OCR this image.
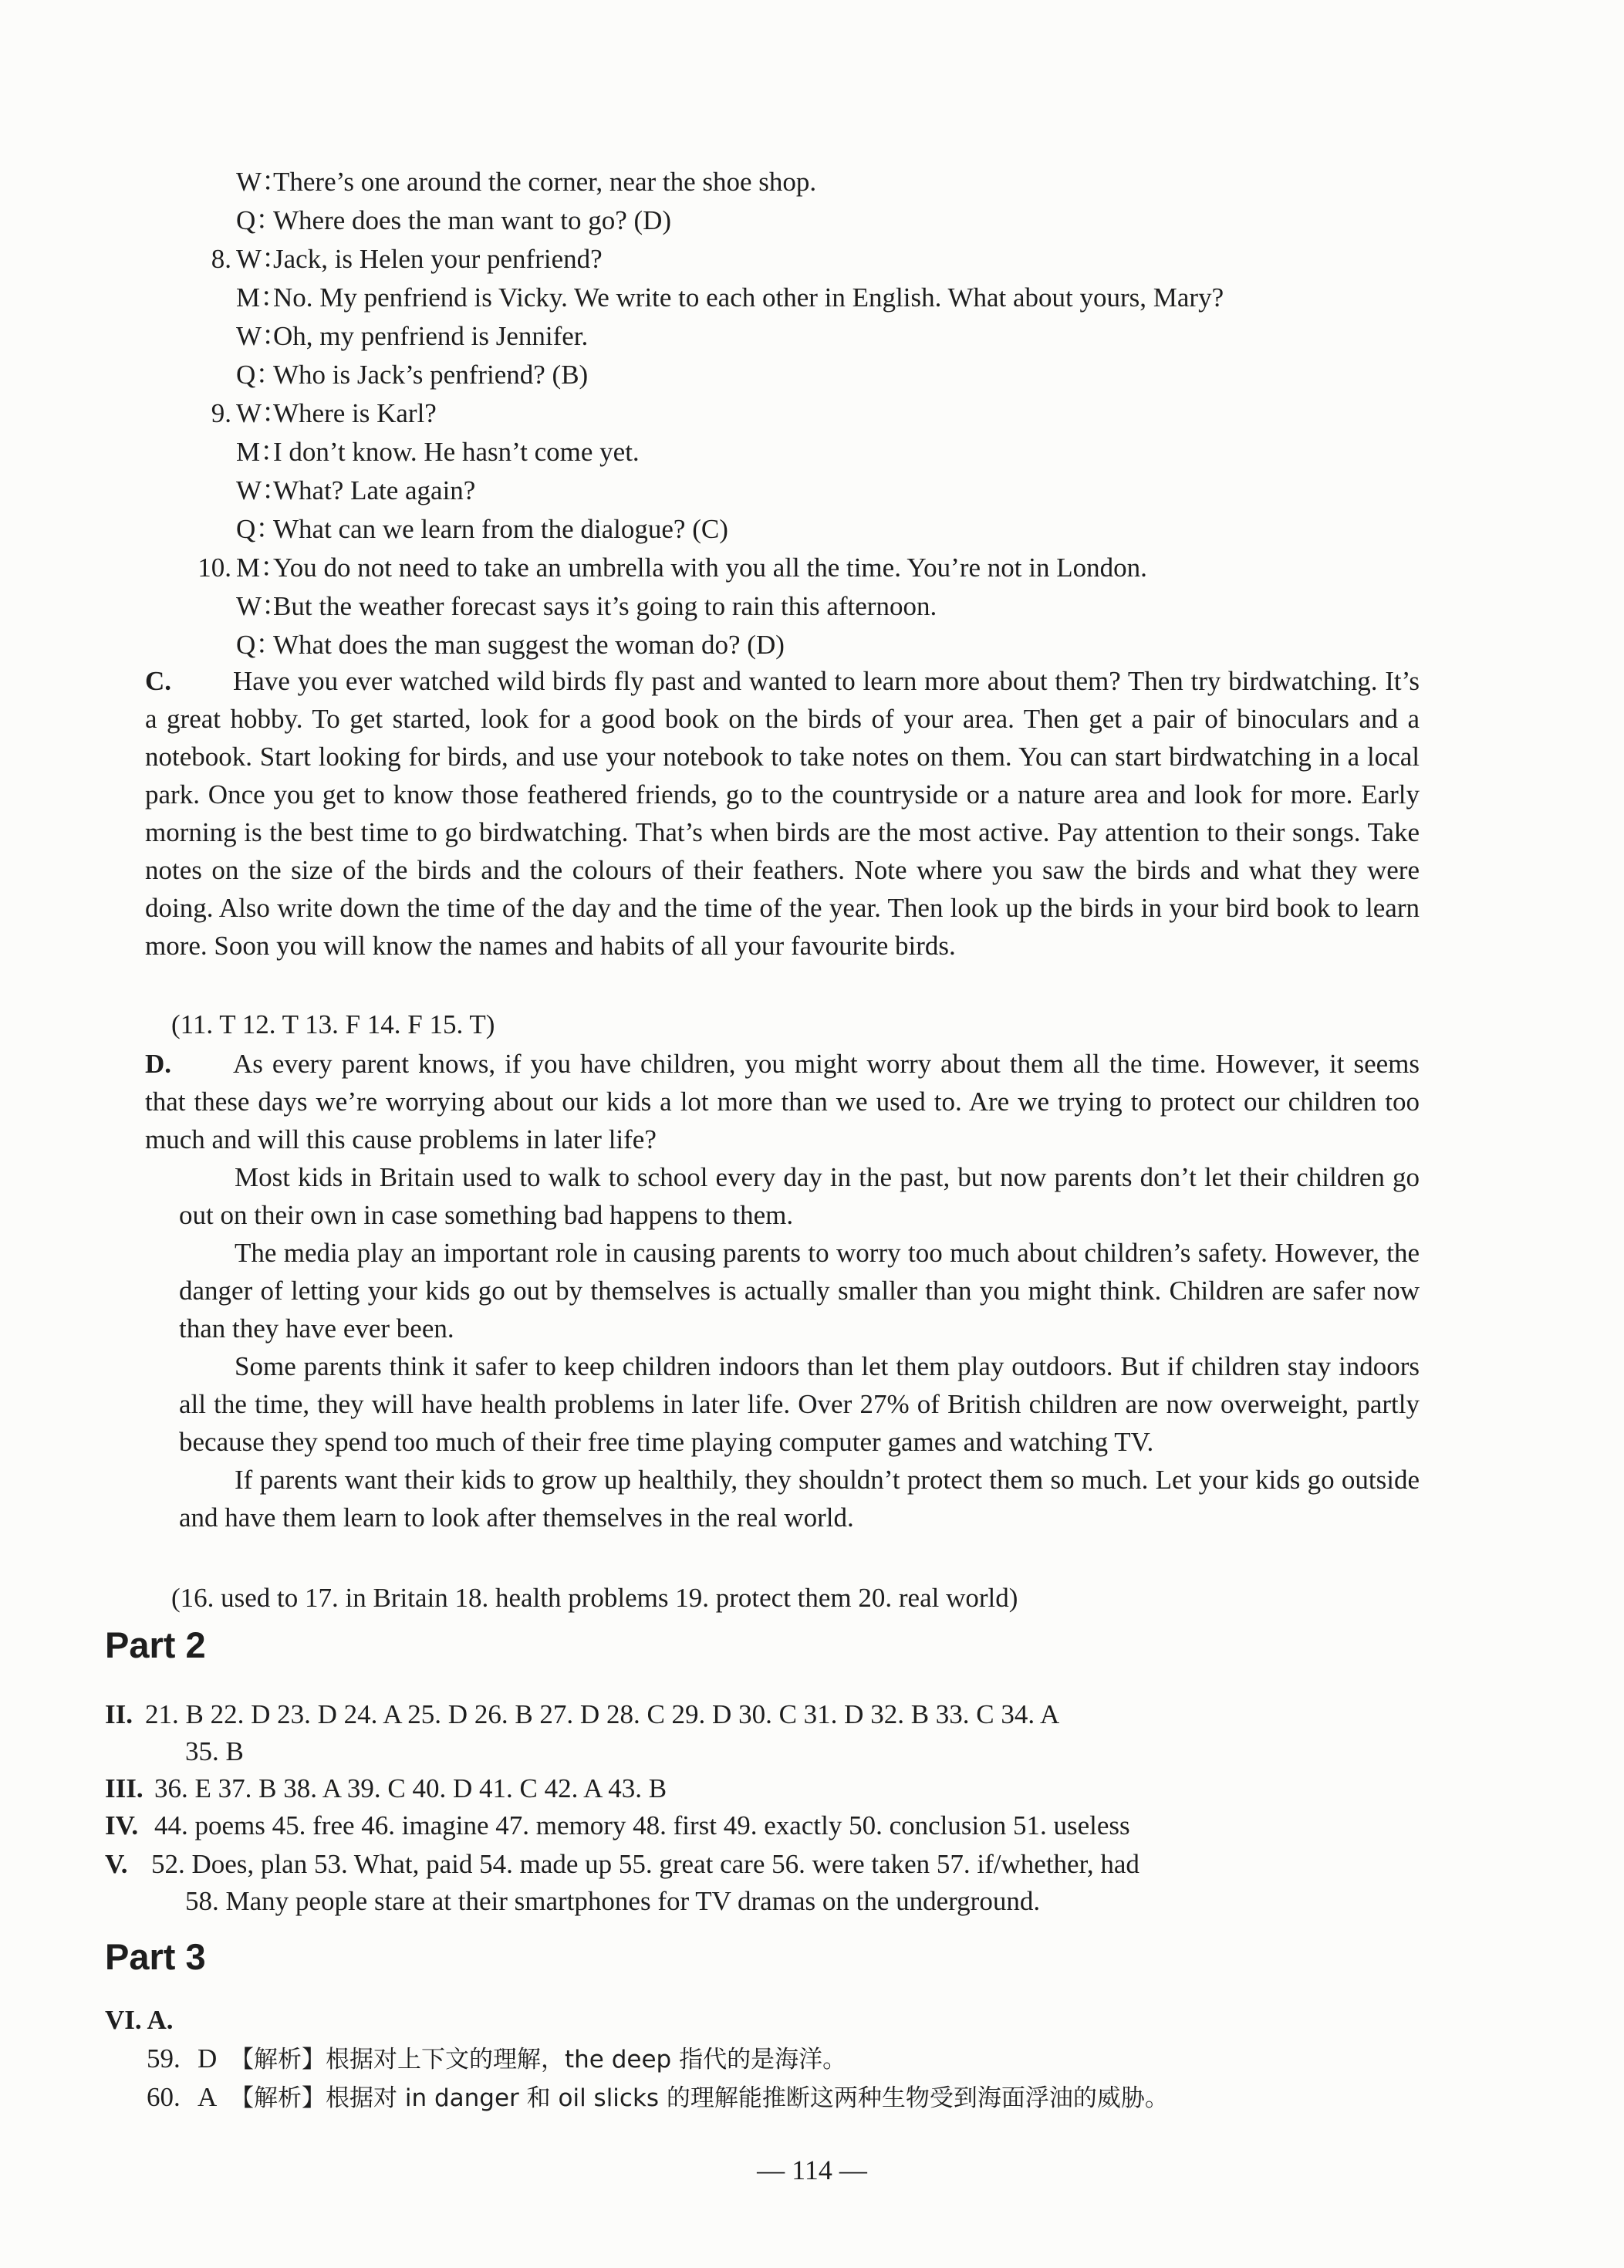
W：There’s one around the corner, near the shoe shop.
Q：Where does the man want to go? (D)
8. W：Jack, is Helen your penfriend?
M：No. My penfriend is Vicky. We write to each other in English. What about yours, Mary?
W：Oh, my penfriend is Jennifer.
Q：Who is Jack’s penfriend? (B)
9. W：Where is Karl?
M：I don’t know. He hasn’t come yet.
W：What? Late again?
Q：What can we learn from the dialogue? (C)
10. M：You do not need to take an umbrella with you all the time. You’re not in London.
W：But the weather forecast says it’s going to rain this afternoon.
Q：What does the man suggest the woman do? (D)
C. Have you ever watched wild birds fly past and wanted to learn more about them? Then try birdwatching. It’s a great hobby. To get started, look for a good book on the birds of your area. Then get a pair of binoculars and a notebook. Start looking for birds, and use your notebook to take notes on them. You can start birdwatching in a local park. Once you get to know those feathered friends, go to the countryside or a nature area and look for more. Early morning is the best time to go birdwatching. That’s when birds are the most active. Pay attention to their songs. Take notes on the size of the birds and the colours of their feathers. Note where you saw the birds and what they were doing. Also write down the time of the day and the time of the year. Then look up the birds in your bird book to learn more. Soon you will know the names and habits of all your favourite birds.
(11. T 12. T 13. F 14. F 15. T)
D. As every parent knows, if you have children, you might worry about them all the time. However, it seems that these days we’re worrying about our kids a lot more than we used to. Are we trying to protect our children too much and will this cause problems in later life?
Most kids in Britain used to walk to school every day in the past, but now parents don’t let their children go out on their own in case something bad happens to them.
The media play an important role in causing parents to worry too much about children’s safety. However, the danger of letting your kids go out by themselves is actually smaller than you might think. Children are safer now than they have ever been.
Some parents think it safer to keep children indoors than let them play outdoors. But if children stay indoors all the time, they will have health problems in later life. Over 27% of British children are now overweight, partly because they spend too much of their free time playing computer games and watching TV.
If parents want their kids to grow up healthily, they shouldn’t protect them so much. Let your kids go outside and have them learn to look after themselves in the real world.
(16. used to 17. in Britain 18. health problems 19. protect them 20. real world)
Part 2
II. 21. B 22. D 23. D 24. A 25. D 26. B 27. D 28. C 29. D 30. C 31. D 32. B 33. C 34. A
35. B
III. 36. E 37. B 38. A 39. C 40. D 41. C 42. A 43. B
IV. 44. poems 45. free 46. imagine 47. memory 48. first 49. exactly 50. conclusion 51. useless
V. 52. Does, plan 53. What, paid 54. made up 55. great care 56. were taken 57. if/whether, had
58. Many people stare at their smartphones for TV dramas on the underground.
Part 3
VI. A.
59. D 【解析】根据对上下文的理解，the deep 指代的是海洋。
60. A 【解析】根据对 in danger 和 oil slicks 的理解能推断这两种生物受到海面浮油的威胁。
— 114 —
